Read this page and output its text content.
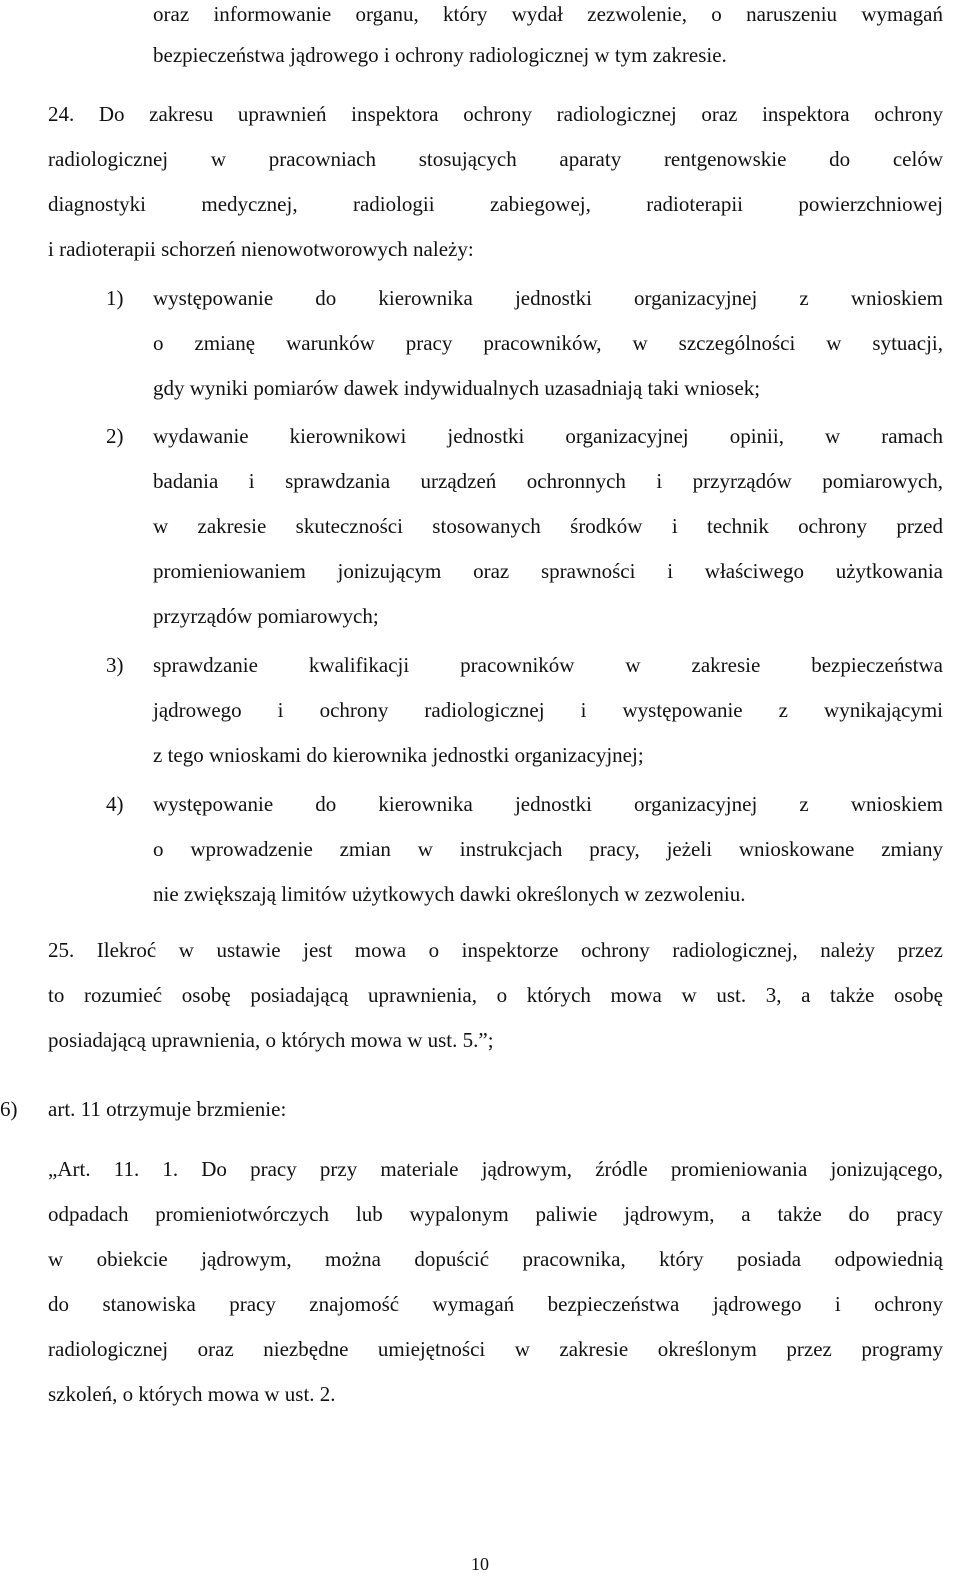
oraz informowanie organu, który wydał zezwolenie, o naruszeniu wymagań
bezpieczeństwa jądrowego i ochrony radiologicznej w tym zakresie.
24. Do zakresu uprawnień inspektora ochrony radiologicznej oraz inspektora ochrony
radiologicznej w pracowniach stosujących aparaty rentgenowskie do celów
diagnostyki medycznej, radiologii zabiegowej, radioterapii powierzchniowej
i radioterapii schorzeń nienowotworowych należy:
1) występowanie do kierownika jednostki organizacyjnej z wnioskiem
o zmianę warunków pracy pracowników, w szczególności w sytuacji,
gdy wyniki pomiarów dawek indywidualnych uzasadniają taki wniosek;
2) wydawanie kierownikowi jednostki organizacyjnej opinii, w ramach
badania i sprawdzania urządzeń ochronnych i przyrządów pomiarowych,
w zakresie skuteczności stosowanych środków i technik ochrony przed
promieniowaniem jonizującym oraz sprawności i właściwego użytkowania
przyrządów pomiarowych;
3) sprawdzanie kwalifikacji pracowników w zakresie bezpieczeństwa
jądrowego i ochrony radiologicznej i występowanie z wynikającymi
z tego wnioskami do kierownika jednostki organizacyjnej;
4) występowanie do kierownika jednostki organizacyjnej z wnioskiem
o wprowadzenie zmian w instrukcjach pracy, jeżeli wnioskowane zmiany
nie zwiększają limitów użytkowych dawki określonych w zezwoleniu.
25. Ilekroć w ustawie jest mowa o inspektorze ochrony radiologicznej, należy przez
to rozumieć osobę posiadającą uprawnienia, o których mowa w ust. 3, a także osobę
posiadającą uprawnienia, o których mowa w ust. 5.”;
6) art. 11 otrzymuje brzmienie:
„Art. 11. 1. Do pracy przy materiale jądrowym, źródle promieniowania jonizującego,
odpadach promieniotwórczych lub wypalonym paliwie jądrowym, a także do pracy
w obiekcie jądrowym, można dopuścić pracownika, który posiada odpowiednią
do stanowiska pracy znajomość wymagań bezpieczeństwa jądrowego i ochrony
radiologicznej oraz niezbędne umiejętności w zakresie określonym przez programy
szkoleń, o których mowa w ust. 2.
10
